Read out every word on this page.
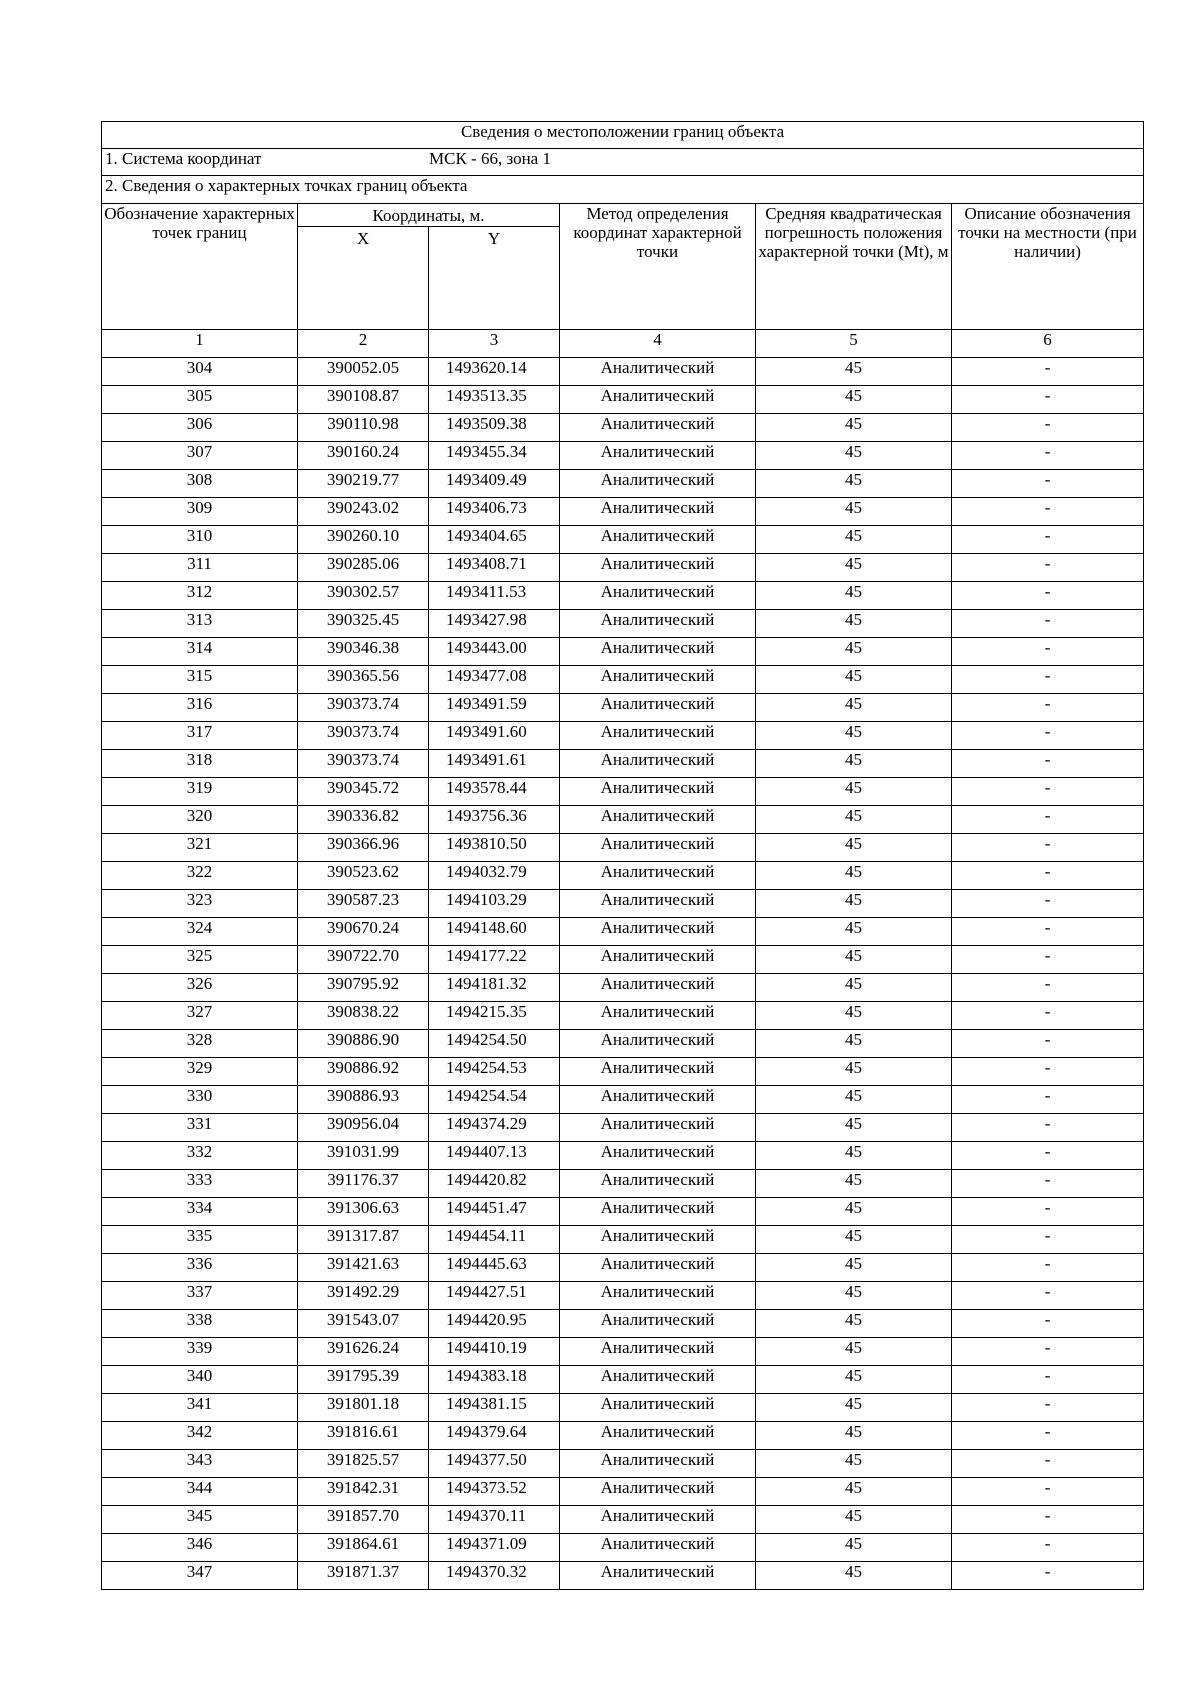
Сведения о местоположении границ объекта					
1. Система координат МСК - 66, зона 1					
2. Сведения о характерных точках границ объекта					
Обозначение характерных точек границ	Координаты, м.		Метод определения координат характерной точки	Средняя квадратическая погрешность положения характерной точки (Mt), м	Описание обозначения точки на местности (при наличии)
	X	Y			
1	2	3	4	5	6
304	390052.05	1493620.14	Аналитический	45	-
305	390108.87	1493513.35	Аналитический	45	-
306	390110.98	1493509.38	Аналитический	45	-
307	390160.24	1493455.34	Аналитический	45	-
308	390219.77	1493409.49	Аналитический	45	-
309	390243.02	1493406.73	Аналитический	45	-
310	390260.10	1493404.65	Аналитический	45	-
311	390285.06	1493408.71	Аналитический	45	-
312	390302.57	1493411.53	Аналитический	45	-
313	390325.45	1493427.98	Аналитический	45	-
314	390346.38	1493443.00	Аналитический	45	-
315	390365.56	1493477.08	Аналитический	45	-
316	390373.74	1493491.59	Аналитический	45	-
317	390373.74	1493491.60	Аналитический	45	-
318	390373.74	1493491.61	Аналитический	45	-
319	390345.72	1493578.44	Аналитический	45	-
320	390336.82	1493756.36	Аналитический	45	-
321	390366.96	1493810.50	Аналитический	45	-
322	390523.62	1494032.79	Аналитический	45	-
323	390587.23	1494103.29	Аналитический	45	-
324	390670.24	1494148.60	Аналитический	45	-
325	390722.70	1494177.22	Аналитический	45	-
326	390795.92	1494181.32	Аналитический	45	-
327	390838.22	1494215.35	Аналитический	45	-
328	390886.90	1494254.50	Аналитический	45	-
329	390886.92	1494254.53	Аналитический	45	-
330	390886.93	1494254.54	Аналитический	45	-
331	390956.04	1494374.29	Аналитический	45	-
332	391031.99	1494407.13	Аналитический	45	-
333	391176.37	1494420.82	Аналитический	45	-
334	391306.63	1494451.47	Аналитический	45	-
335	391317.87	1494454.11	Аналитический	45	-
336	391421.63	1494445.63	Аналитический	45	-
337	391492.29	1494427.51	Аналитический	45	-
338	391543.07	1494420.95	Аналитический	45	-
339	391626.24	1494410.19	Аналитический	45	-
340	391795.39	1494383.18	Аналитический	45	-
341	391801.18	1494381.15	Аналитический	45	-
342	391816.61	1494379.64	Аналитический	45	-
343	391825.57	1494377.50	Аналитический	45	-
344	391842.31	1494373.52	Аналитический	45	-
345	391857.70	1494370.11	Аналитический	45	-
346	391864.61	1494371.09	Аналитический	45	-
347	391871.37	1494370.32	Аналитический	45	-
